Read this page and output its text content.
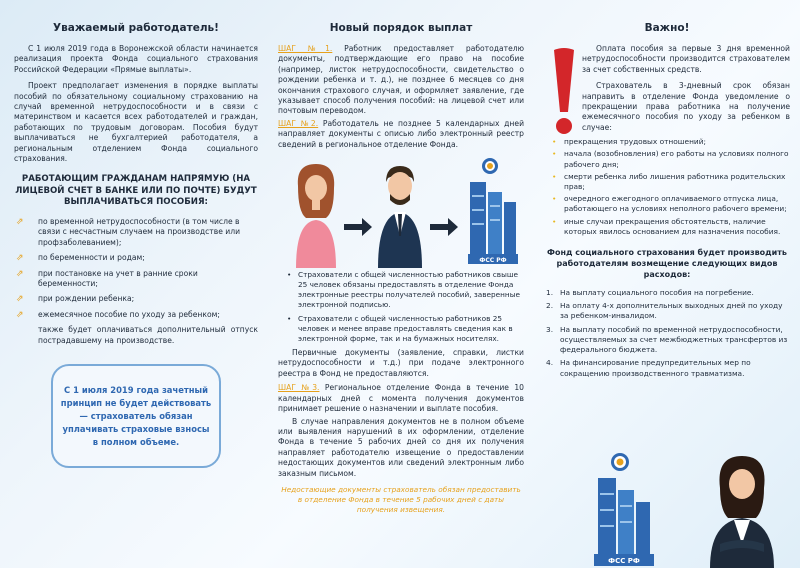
Уважаемый работодатель!

С 1 июля 2019 года в Воронежской области начинается реализация проекта Фонда социального страхования Российской Федерации «Прямые выплаты».

Проект предполагает изменения в порядке выплаты пособий по обязательному социальному страхованию на случай временной нетрудоспособности и в связи с материнством и касается всех работодателей и граждан, работающих по трудовым договорам. Пособия будут выплачиваться не бухгалтерией работодателя, а региональным отделением Фонда социального страхования.

РАБОТАЮЩИМ ГРАЖДАНАМ НАПРЯМУЮ (НА ЛИЦЕВОЙ СЧЕТ В БАНКЕ ИЛИ ПО ПОЧТЕ) БУДУТ ВЫПЛАЧИВАТЬСЯ ПОСОБИЯ:
⇗ по временной нетрудоспособности (в том числе в связи с несчастным случаем на производстве или профзаболеванием);
⇗ по беременности и родам;
⇗ при постановке на учет в ранние сроки беременности;
⇗ при рождении ребенка;
⇗ ежемесячное пособие по уходу за ребенком;

также будет оплачиваться дополнительный отпуск пострадавшему на производстве.

С 1 июля 2019 года зачетный принцип не будет действовать — страхователь обязан уплачивать страховые взносы в полном объеме.
Новый порядок выплат

ШАГ №1. Работник предоставляет работодателю документы, подтверждающие его право на пособие (например, листок нетрудоспособности, свидетельство о рождении ребенка и т. д.), не позднее 6 месяцев со дня окончания страхового случая, и оформляет заявление, где указывает способ получения пособий: на лицевой счет или почтовым переводом.

ШАГ №2. Работодатель не позднее 5 календарных дней направляет документы с описью либо электронный реестр сведений в региональное отделение Фонда.

ФСС РФ
• Страхователи с общей численностью работников свыше 25 человек обязаны предоставлять в отделение Фонда электронные реестры получателей пособий, заверенные электронной подписью.
• Страхователи с общей численностью работников 25 человек и менее вправе предоставлять сведения как в электронной форме, так и на бумажных носителях.

Первичные документы (заявление, справки, листки нетрудоспособности и т.д.) при подаче электронного реестра в Фонд не предоставляются.

ШАГ №3. Региональное отделение Фонда в течение 10 календарных дней с момента получения документов принимает решение о назначении и выплате пособия.

В случае направления документов не в полном объеме или выявления нарушений в их оформлении, отделение Фонда в течение 5 рабочих дней со дня их получения направляет работодателю извещение о предоставлении недостающих документов или сведений электронным либо заказным письмом.

Недостающие документы страхователь обязан предоставить в отделение Фонда в течение 5 рабочих дней с даты получения извещения.
Важно!

Оплата пособия за первые 3 дня временной нетрудоспособности производится страхователем за счет собственных средств.

Страхователь в 3-дневный срок обязан направить в отделение Фонда уведомление о прекращении права работника на получение ежемесячного пособия по уходу за ребенком в случае:

• прекращения трудовых отношений;
• начала (возобновления) его работы на условиях полного рабочего дня;
• смерти ребенка либо лишения работника родительских прав;
• очередного ежегодного оплачиваемого отпуска лица, работающего на условиях неполного рабочего времени;
• иные случаи прекращения обстоятельств, наличие которых явилось основанием для назначения пособия.
Фонд социального страхования будет производить работодателям возмещение следующих видов расходов:
1. На выплату социального пособия на погребение.
2. На оплату 4-х дополнительных выходных дней по уходу за ребенком-инвалидом.
3. На выплату пособий по временной нетрудоспособности, осуществляемых за счет межбюджетных трансфертов из федерального бюджета.
4. На финансирование предупредительных мер по сокращению производственного травматизма.
ФСС РФ
